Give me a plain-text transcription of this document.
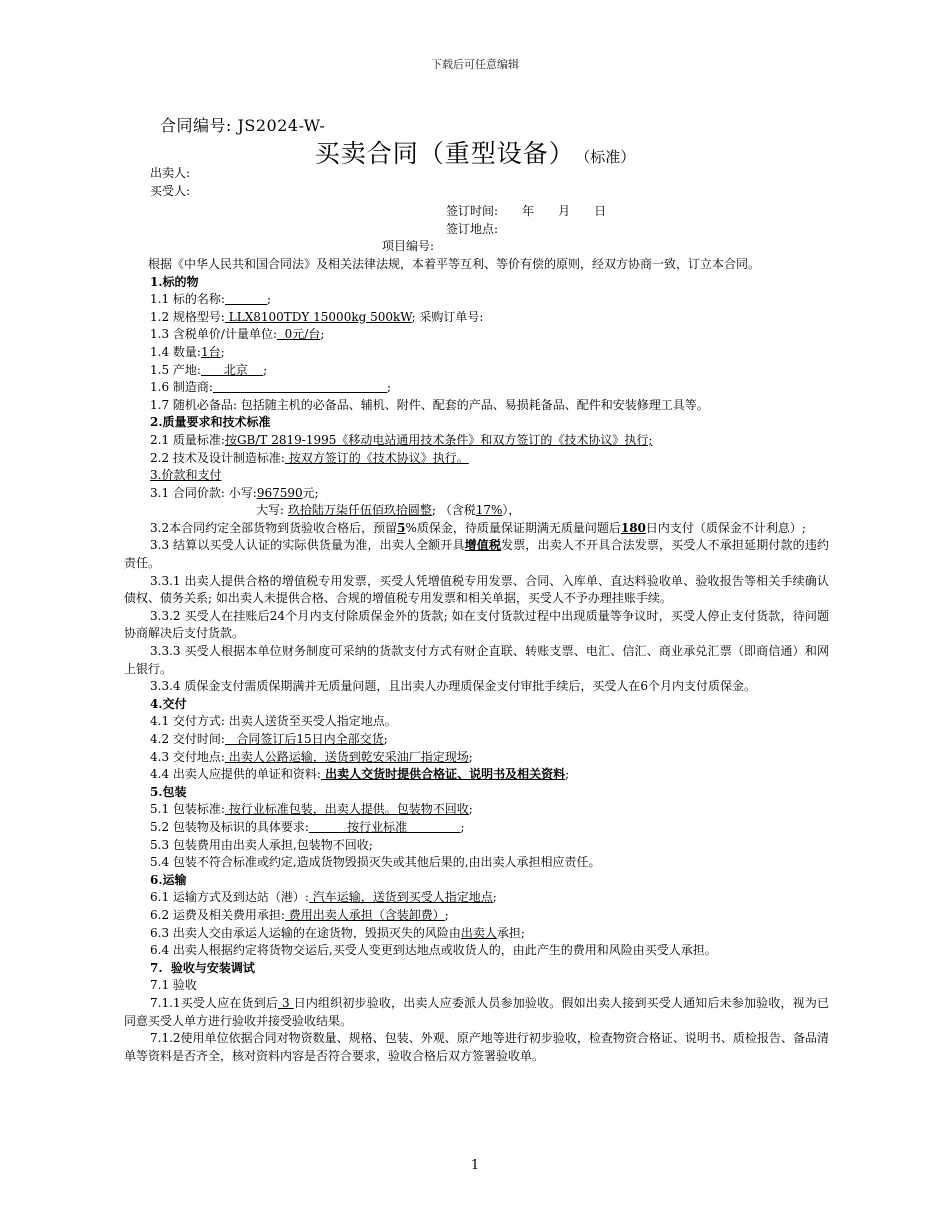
下载后可任意编辑
合同编号: JS2024-W-
买卖合同（重型设备） （标准）
出卖人:
买受人:
签订时间: 年 月 日
签订地点:
项目编号:
根据《中华人民共和国合同法》及相关法律法规，本着平等互利、等价有偿的原则，经双方协商一致，订立本合同。
1.标的物
1.1 标的名称:    	;
1.2 规格型号: LLX8100TDY 15000kg 500kW; 采购订单号:
1.3 含税单价/计量单位:  0元/台;
1.4 数量:1台;
1.5 产地:      北京    ;
1.6 制造商:               	;
1.7 随机必备品: 包括随主机的必备品、辅机、附件、配套的产品、易损耗备品、配件和安装修理工具等。
2.质量要求和技术标准
2.1 质量标准:按GB/T 2819-1995《移动电站通用技术条件》和双方签订的《技术协议》执行;
2.2 技术及设计制造标准: 按双方签订的《技术协议》执行。
3.价款和支付
3.1 合同价款: 小写:967590元;
大写: 玖拾陆万柒仟伍佰玖拾圆整; （含税17%），
3.2本合同约定全部货物到货验收合格后，预留5%质保金，待质量保证期满无质量问题后180日内支付（质保金不计利息）;
3.3 结算以买受人认证的实际供货量为准，出卖人全额开具增值税发票，出卖人不开具合法发票，买受人不承担延期付款的违约责任。
3.3.1 出卖人提供合格的增值税专用发票，买受人凭增值税专用发票、合同、入库单、直达料验收单、验收报告等相关手续确认债权、债务关系; 如出卖人未提供合格、合规的增值税专用发票和相关单据，买受人不予办理挂账手续。
3.3.2 买受人在挂账后24个月内支付除质保金外的货款; 如在支付货款过程中出现质量等争议时，买受人停止支付货款，待问题协商解决后支付货款。
3.3.3 买受人根据本单位财务制度可采纳的货款支付方式有财企直联、转账支票、电汇、信汇、商业承兑汇票（即商信通）和网上银行。
3.3.4 质保金支付需质保期满并无质量问题，且出卖人办理质保金支付审批手续后，买受人在6个月内支付质保金。
4.交付
4.1 交付方式: 出卖人送货至买受人指定地点。
4.2 交付时间:   合同签订后15日内全部交货;
4.3 交付地点: 出卖人公路运输，送货到乾安采油厂指定现场;
4.4 出卖人应提供的单证和资料: 出卖人交货时提供合格证、说明书及相关资料;
5.包装
5.1 包装标准: 按行业标准包装，出卖人提供。包装物不回收;
5.2 包装物及标识的具体要求:          按行业标准              ;
5.3 包装费用由出卖人承担,包装物不回收;
5.4 包装不符合标准或约定,造成货物毁损灭失或其他后果的,由出卖人承担相应责任。
6.运输
6.1 运输方式及到达站（港）: 汽车运输，送货到买受人指定地点;
6.2 运费及相关费用承担: 费用出卖人承担（含装卸费）;
6.3 出卖人交由承运人运输的在途货物，毁损灭失的风险由出卖人承担;
6.4 出卖人根据约定将货物交运后,买受人变更到达地点或收货人的，由此产生的费用和风险由买受人承担。
7.  验收与安装调试
7.1 验收
7.1.1买受人应在货到后 3 日内组织初步验收，出卖人应委派人员参加验收。假如出卖人接到买受人通知后未参加验收，视为已同意买受人单方进行验收并接受验收结果。
7.1.2使用单位依据合同对物资数量、规格、包装、外观、原产地等进行初步验收，检查物资合格证、说明书、质检报告、备品清单等资料是否齐全，核对资料内容是否符合要求，验收合格后双方签署验收单。
1
